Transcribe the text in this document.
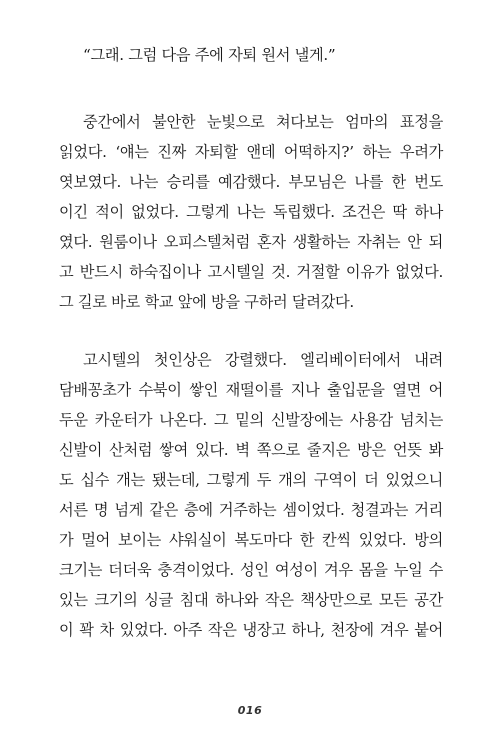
“그래. 그럼 다음 주에 자퇴 원서 낼게.”
중간에서 불안한 눈빛으로 쳐다보는 엄마의 표정을
읽었다. ‘얘는 진짜 자퇴할 앤데 어떡하지?’ 하는 우려가
엿보였다. 나는 승리를 예감했다. 부모님은 나를 한 번도
이긴 적이 없었다. 그렇게 나는 독립했다. 조건은 딱 하나
였다. 원룸이나 오피스텔처럼 혼자 생활하는 자취는 안 되
고 반드시 하숙집이나 고시텔일 것. 거절할 이유가 없었다.
그 길로 바로 학교 앞에 방을 구하러 달려갔다.
고시텔의 첫인상은 강렬했다. 엘리베이터에서 내려
담배꽁초가 수북이 쌓인 재떨이를 지나 출입문을 열면 어
두운 카운터가 나온다. 그 밑의 신발장에는 사용감 넘치는
신발이 산처럼 쌓여 있다. 벽 쪽으로 줄지은 방은 언뜻 봐
도 십수 개는 됐는데, 그렇게 두 개의 구역이 더 있었으니
서른 명 넘게 같은 층에 거주하는 셈이었다. 청결과는 거리
가 멀어 보이는 샤워실이 복도마다 한 칸씩 있었다. 방의
크기는 더더욱 충격이었다. 성인 여성이 겨우 몸을 누일 수
있는 크기의 싱글 침대 하나와 작은 책상만으로 모든 공간
이 꽉 차 있었다. 아주 작은 냉장고 하나, 천장에 겨우 붙어
016
